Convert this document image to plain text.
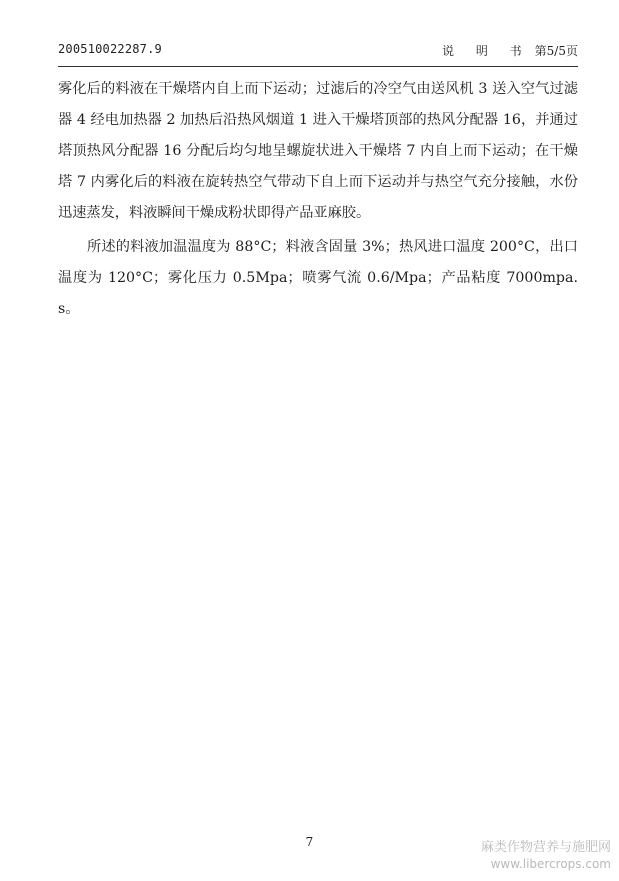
200510022287.9	说 明 书 第5/5页

雾化后的料液在干燥塔内自上而下运动；过滤后的冷空气由送风机 3 送入空气过滤器 4 经电加热器 2 加热后沿热风烟道 1 进入干燥塔顶部的热风分配器 16，并通过塔顶热风分配器 16 分配后均匀地呈螺旋状进入干燥塔 7 内自上而下运动；在干燥塔 7 内雾化后的料液在旋转热空气带动下自上而下运动并与热空气充分接触，水份迅速蒸发，料液瞬间干燥成粉状即得产品亚麻胶。

所述的料液加温温度为 88°C；料液含固量 3%；热风进口温度 200°C，出口温度为 120°C；雾化压力 0.5Mpa；喷雾气流 0.6/Mpa；产品粘度 7000mpa.s。

7	麻类作物营养与施肥网
www.libercrops.com
